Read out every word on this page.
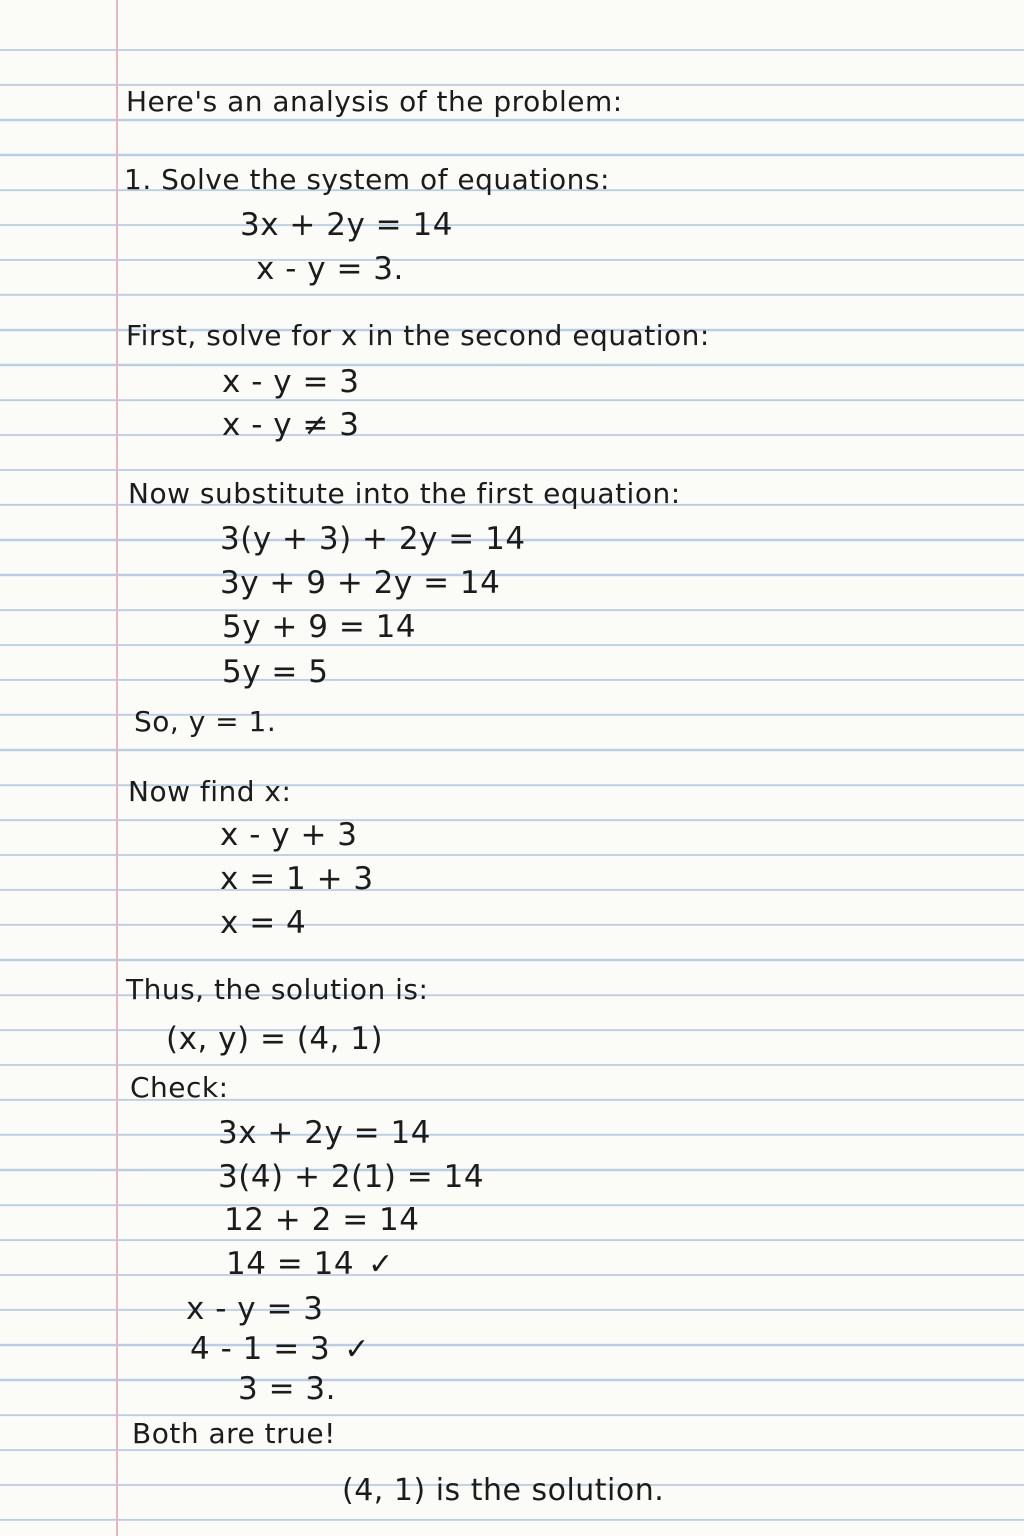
Here's an analysis of the problem:
1. Solve the system of equations:
3x + 2y = 14
x - y = 3.
First, solve for x in the second equation:
x - y = 3
x - y ≠ 3
Now substitute into the first equation:
3(y + 3) + 2y = 14
3y + 9 + 2y = 14
5y + 9 = 14
5y = 5
So, y = 1.
Now find x:
x - y + 3
x = 1 + 3
x = 4
Thus, the solution is:
(x, y) = (4, 1)
Check:
3x + 2y = 14
3(4) + 2(1) = 14
12 + 2 = 14
14 = 14 ✓
x - y = 3
4 - 1 = 3 ✓
3 = 3.
Both are true!
(4, 1) is the solution.
